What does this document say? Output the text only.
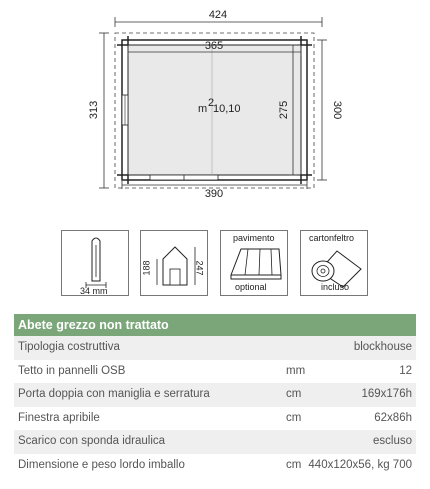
424
313	300
365
275
m 2
10,10
390
34 mm
188	247
pavimento
optional
cartonfeltro
incluso
Abete grezzo non trattato
Tipologia costruttiva	blockhouse
Tetto in pannelli OSB	mm	12
Porta doppia con maniglia e serratura	cm	169x176h
Finestra apribile	cm	62x86h
Scarico con sponda idraulica	escluso
Dimensione e peso lordo imballo	cm 440x120x56, kg 700
